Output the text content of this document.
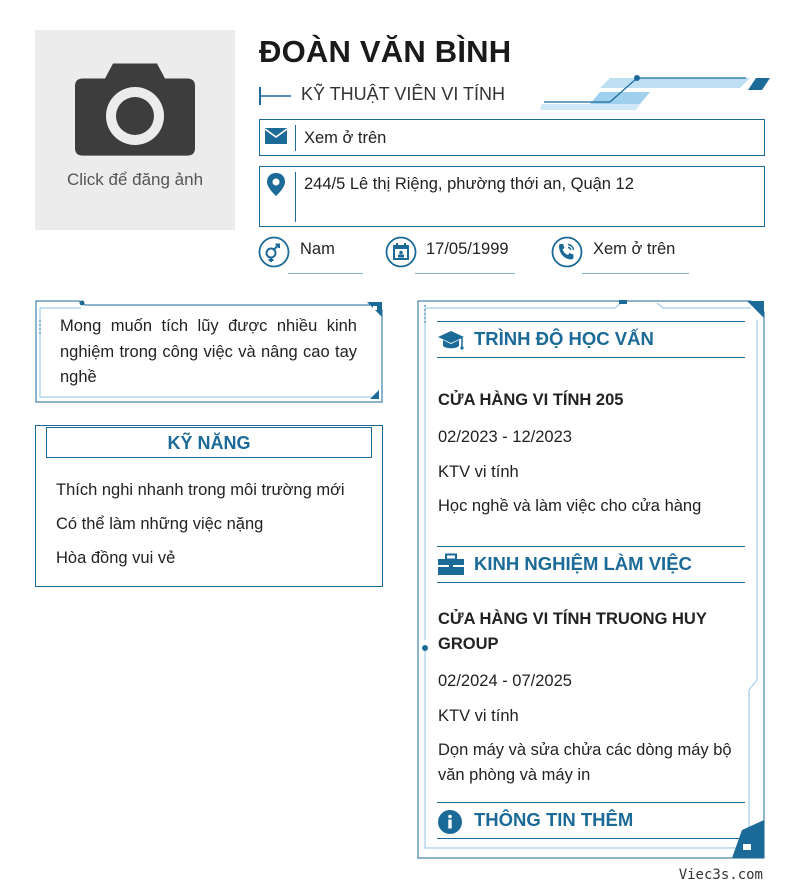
Click để đăng ảnh
ĐOÀN VĂN BÌNH
KỸ THUẬT VIÊN VI TÍNH
Xem ở trên
244/5 Lê thị Riệng, phường thới an, Quận 12
Nam	17/05/1999	Xem ở trên
Mong muốn tích lũy được nhiều kinh nghiệm trong công việc và nâng cao tay nghề
KỸ NĂNG
Thích nghi nhanh trong môi trường mới
Có thể làm những việc nặng
Hòa đồng vui vẻ
TRÌNH ĐỘ HỌC VẤN
CỬA HÀNG VI TÍNH 205
02/2023 - 12/2023
KTV vi tính
Học nghề và làm việc cho cửa hàng
KINH NGHIỆM LÀM VIỆC
CỬA HÀNG VI TÍNH TRUONG HUY GROUP
02/2024 - 07/2025
KTV vi tính
Dọn máy và sửa chửa các dòng máy bộ văn phòng và máy in
THÔNG TIN THÊM
Viec3s.com
